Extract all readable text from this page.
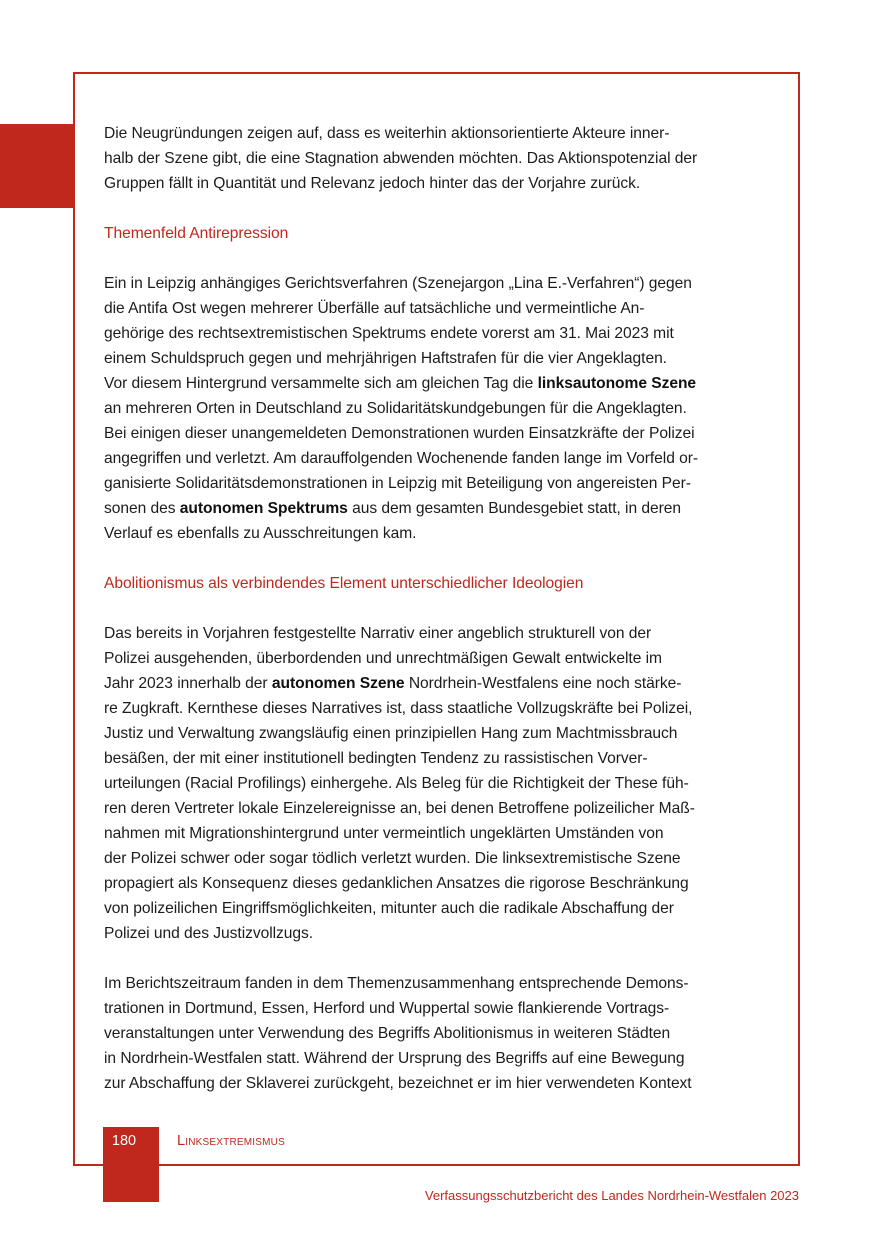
Die Neugründungen zeigen auf, dass es weiterhin aktionsorientierte Akteure inner-
halb der Szene gibt, die eine Stagnation abwenden möchten. Das Aktionspotenzial der
Gruppen fällt in Quantität und Relevanz jedoch hinter das der Vorjahre zurück.

Themenfeld Antirepression

Ein in Leipzig anhängiges Gerichtsverfahren (Szenejargon „Lina E.-Verfahren“) gegen
die Antifa Ost wegen mehrerer Überfälle auf tatsächliche und vermeintliche An-
gehörige des rechtsextremistischen Spektrums endete vorerst am 31. Mai 2023 mit
einem Schuldspruch gegen und mehrjährigen Haftstrafen für die vier Angeklagten.
Vor diesem Hintergrund versammelte sich am gleichen Tag die linksautonome Szene
an mehreren Orten in Deutschland zu Solidaritätskundgebungen für die Angeklagten.
Bei einigen dieser unangemeldeten Demonstrationen wurden Einsatzkräfte der Polizei
angegriffen und verletzt. Am darauffolgenden Wochenende fanden lange im Vorfeld or-
ganisierte Solidaritätsdemonstrationen in Leipzig mit Beteiligung von angereisten Per-
sonen des autonomen Spektrums aus dem gesamten Bundesgebiet statt, in deren
Verlauf es ebenfalls zu Ausschreitungen kam.

Abolitionismus als verbindendes Element unterschiedlicher Ideologien

Das bereits in Vorjahren festgestellte Narrativ einer angeblich strukturell von der
Polizei ausgehenden, überbordenden und unrechtmäßigen Gewalt entwickelte im
Jahr 2023 innerhalb der autonomen Szene Nordrhein-Westfalens eine noch stärke-
re Zugkraft. Kernthese dieses Narratives ist, dass staatliche Vollzugskräfte bei Polizei,
Justiz und Verwaltung zwangsläufig einen prinzipiellen Hang zum Machtmissbrauch
besäßen, der mit einer institutionell bedingten Tendenz zu rassistischen Vorver-
urteilungen (Racial Profilings) einhergehe. Als Beleg für die Richtigkeit der These füh-
ren deren Vertreter lokale Einzelereignisse an, bei denen Betroffene polizeilicher Maß-
nahmen mit Migrationshintergrund unter vermeintlich ungeklärten Umständen von
der Polizei schwer oder sogar tödlich verletzt wurden. Die linksextremistische Szene
propagiert als Konsequenz dieses gedanklichen Ansatzes die rigorose Beschränkung
von polizeilichen Eingriffsmöglichkeiten, mitunter auch die radikale Abschaffung der
Polizei und des Justizvollzugs.

Im Berichtszeitraum fanden in dem Themenzusammenhang entsprechende Demons-
trationen in Dortmund, Essen, Herford und Wuppertal sowie flankierende Vortrags-
veranstaltungen unter Verwendung des Begriffs Abolitionismus in weiteren Städten
in Nordrhein-Westfalen statt. Während der Ursprung des Begriffs auf eine Bewegung
zur Abschaffung der Sklaverei zurückgeht, bezeichnet er im hier verwendeten Kontext

180	Linksextremismus
Verfassungsschutzbericht des Landes Nordrhein-Westfalen 2023
